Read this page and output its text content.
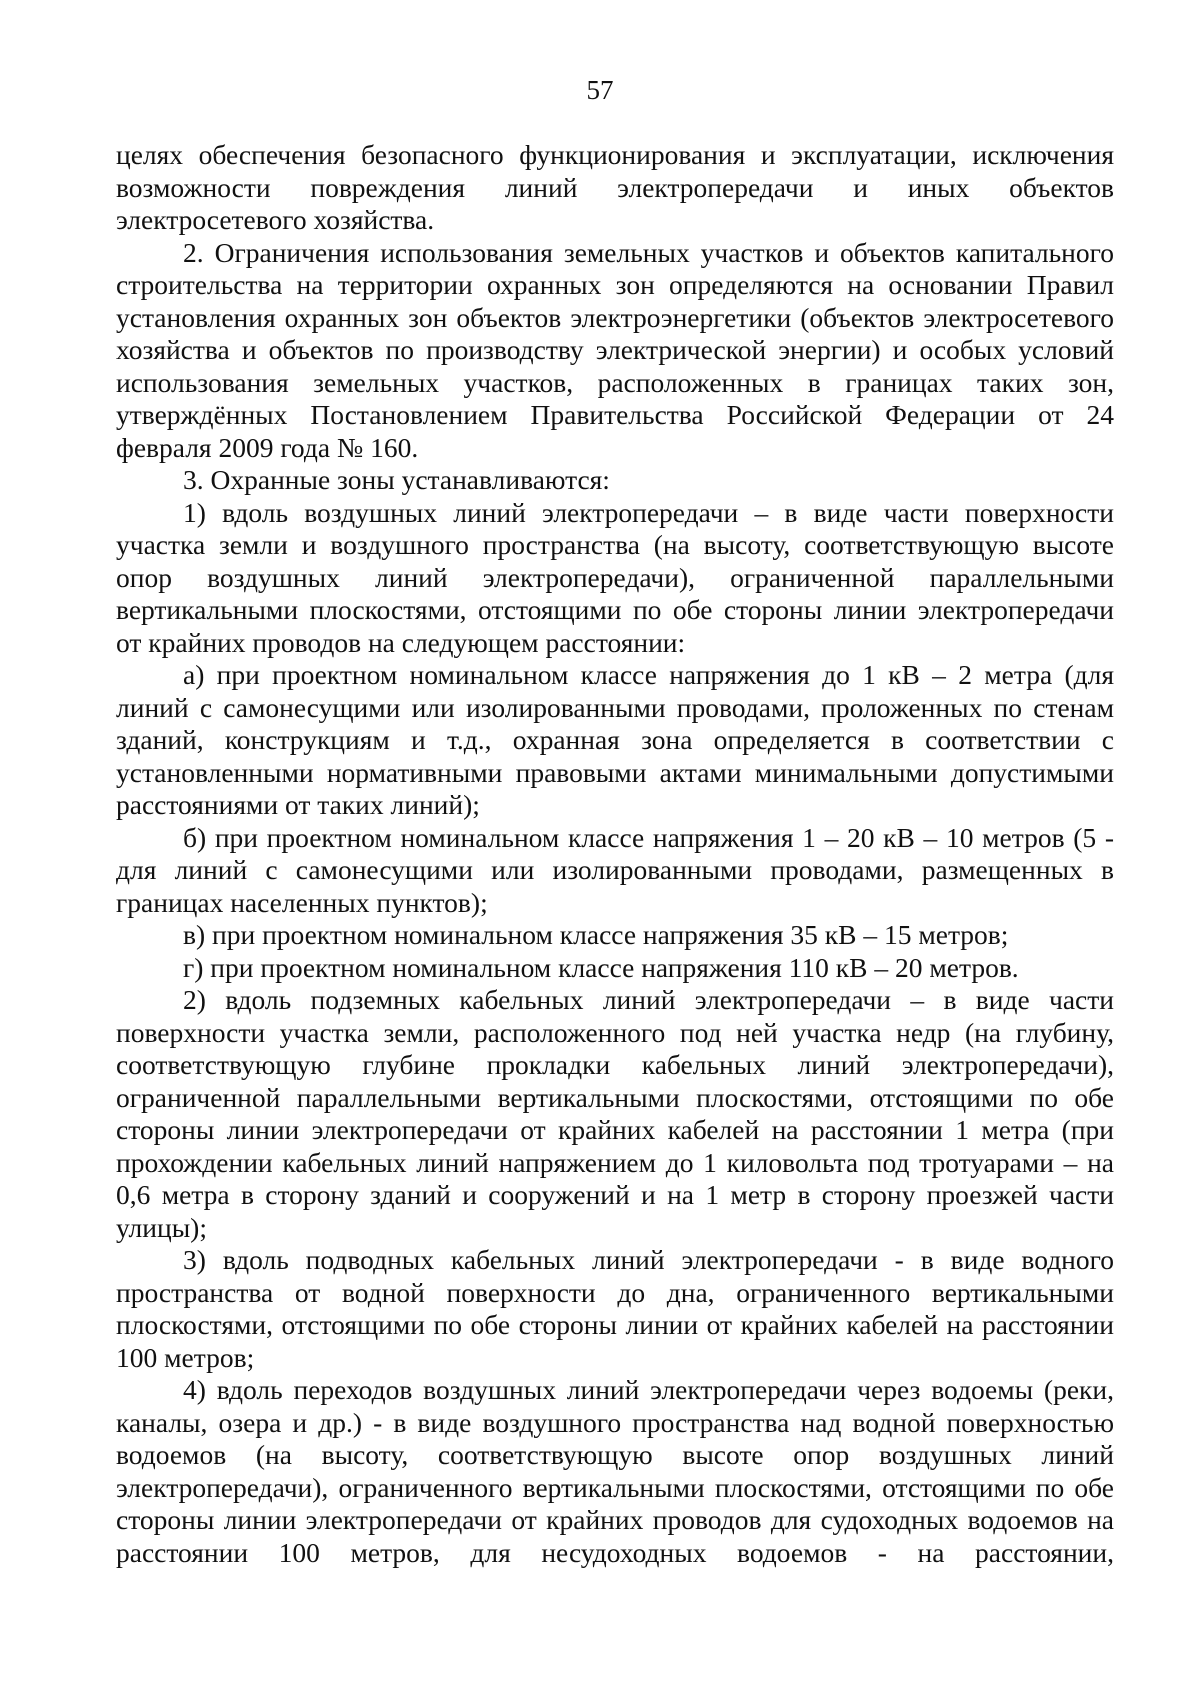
57

целях обеспечения безопасного функционирования и эксплуатации, исключения возможности повреждения линий электропередачи и иных объектов электросетевого хозяйства.

2. Ограничения использования земельных участков и объектов капитального строительства на территории охранных зон определяются на основании Правил установления охранных зон объектов электроэнергетики (объектов электросетевого хозяйства и объектов по производству электрической энергии) и особых условий использования земельных участков, расположенных в границах таких зон, утверждённых Постановлением Правительства Российской Федерации от 24 февраля 2009 года № 160.

3. Охранные зоны устанавливаются:

1) вдоль воздушных линий электропередачи – в виде части поверхности участка земли и воздушного пространства (на высоту, соответствующую высоте опор воздушных линий электропередачи), ограниченной параллельными вертикальными плоскостями, отстоящими по обе стороны линии электропередачи от крайних проводов на следующем расстоянии:

а) при проектном номинальном классе напряжения до 1 кВ – 2 метра (для линий с самонесущими или изолированными проводами, проложенных по стенам зданий, конструкциям и т.д., охранная зона определяется в соответствии с установленными нормативными правовыми актами минимальными допустимыми расстояниями от таких линий);

б) при проектном номинальном классе напряжения 1 – 20 кВ – 10 метров (5 - для линий с самонесущими или изолированными проводами, размещенных в границах населенных пунктов);

в) при проектном номинальном классе напряжения 35 кВ – 15 метров;

г) при проектном номинальном классе напряжения 110 кВ – 20 метров.

2) вдоль подземных кабельных линий электропередачи – в виде части поверхности участка земли, расположенного под ней участка недр (на глубину, соответствующую глубине прокладки кабельных линий электропередачи), ограниченной параллельными вертикальными плоскостями, отстоящими по обе стороны линии электропередачи от крайних кабелей на расстоянии 1 метра (при прохождении кабельных линий напряжением до 1 киловольта под тротуарами – на 0,6 метра в сторону зданий и сооружений и на 1 метр в сторону проезжей части улицы);

3) вдоль подводных кабельных линий электропередачи - в виде водного пространства от водной поверхности до дна, ограниченного вертикальными плоскостями, отстоящими по обе стороны линии от крайних кабелей на расстоянии 100 метров;

4) вдоль переходов воздушных линий электропередачи через водоемы (реки, каналы, озера и др.) - в виде воздушного пространства над водной поверхностью водоемов (на высоту, соответствующую высоте опор воздушных линий электропередачи), ограниченного вертикальными плоскостями, отстоящими по обе стороны линии электропередачи от крайних проводов для судоходных водоемов на расстоянии 100 метров, для несудоходных водоемов - на расстоянии,
